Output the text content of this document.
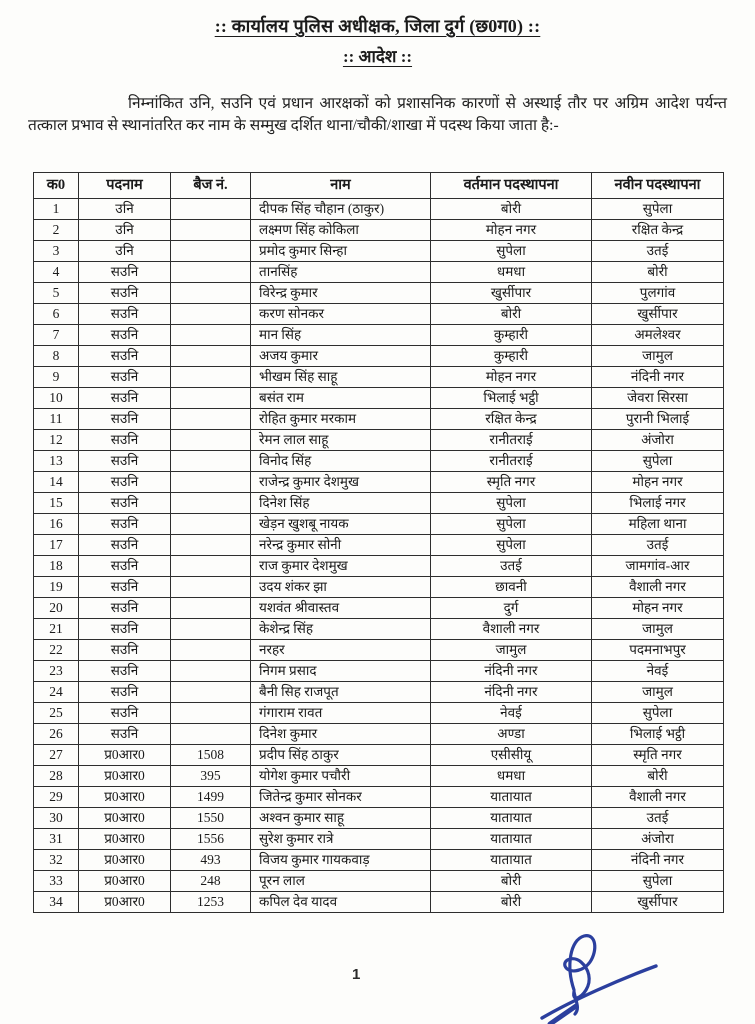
:: कार्यालय पुलिस अधीक्षक, जिला दुर्ग (छ0ग0) ::
:: आदेश ::

निम्नांकित उनि, सउनि एवं प्रधान आरक्षकों को प्रशासनिक कारणों से अस्थाई तौर पर अग्रिम आदेश पर्यन्त तत्काल प्रभाव से स्थानांतरित कर नाम के सम्मुख दर्शित थाना/चौकी/शाखा में पदस्थ किया जाता है:-

क0	पदनाम	बैज नं.	नाम	वर्तमान पदस्थापना	नवीन पदस्थापना
1	उनि		दीपक सिंह चौहान (ठाकुर)	बोरी	सुपेला
2	उनि		लक्ष्मण सिंह कोकिला	मोहन नगर	रक्षित केन्द्र
3	उनि		प्रमोद कुमार सिन्हा	सुपेला	उतई
4	सउनि		तानसिंह	धमधा	बोरी
5	सउनि		विरेन्द्र कुमार	खुर्सीपार	पुलगांव
6	सउनि		करण सोनकर	बोरी	खुर्सीपार
7	सउनि		मान सिंह	कुम्हारी	अमलेश्वर
8	सउनि		अजय कुमार	कुम्हारी	जामुल
9	सउनि		भीखम सिंह साहू	मोहन नगर	नंदिनी नगर
10	सउनि		बसंत राम	भिलाई भट्ठी	जेवरा सिरसा
11	सउनि		रोहित कुमार मरकाम	रक्षित केन्द्र	पुरानी भिलाई
12	सउनि		रेमन लाल साहू	रानीतराई	अंजोरा
13	सउनि		विनोद सिंह	रानीतराई	सुपेला
14	सउनि		राजेन्द्र कुमार देशमुख	स्मृति नगर	मोहन नगर
15	सउनि		दिनेश सिंह	सुपेला	भिलाई नगर
16	सउनि		खेड़न खुशबू नायक	सुपेला	महिला थाना
17	सउनि		नरेन्द्र कुमार सोनी	सुपेला	उतई
18	सउनि		राज कुमार देशमुख	उतई	जामगांव-आर
19	सउनि		उदय शंकर झा	छावनी	वैशाली नगर
20	सउनि		यशवंत श्रीवास्तव	दुर्ग	मोहन नगर
21	सउनि		केशेन्द्र सिंह	वैशाली नगर	जामुल
22	सउनि		नरहर	जामुल	पदमनाभपुर
23	सउनि		निगम प्रसाद	नंदिनी नगर	नेवई
24	सउनि		बैनी सिह राजपूत	नंदिनी नगर	जामुल
25	सउनि		गंगाराम रावत	नेवई	सुपेला
26	सउनि		दिनेश कुमार	अण्डा	भिलाई भट्ठी
27	प्र0आर0	1508	प्रदीप सिंह ठाकुर	एसीसीयू	स्मृति नगर
28	प्र0आर0	395	योगेश कुमार पचौरी	धमधा	बोरी
29	प्र0आर0	1499	जितेन्द्र कुमार सोनकर	यातायात	वैशाली नगर
30	प्र0आर0	1550	अश्वन कुमार साहू	यातायात	उतई
31	प्र0आर0	1556	सुरेश कुमार रात्रे	यातायात	अंजोरा
32	प्र0आर0	493	विजय कुमार गायकवाड़	यातायात	नंदिनी नगर
33	प्र0आर0	248	पूरन लाल	बोरी	सुपेला
34	प्र0आर0	1253	कपिल देव यादव	बोरी	खुर्सीपार
1
